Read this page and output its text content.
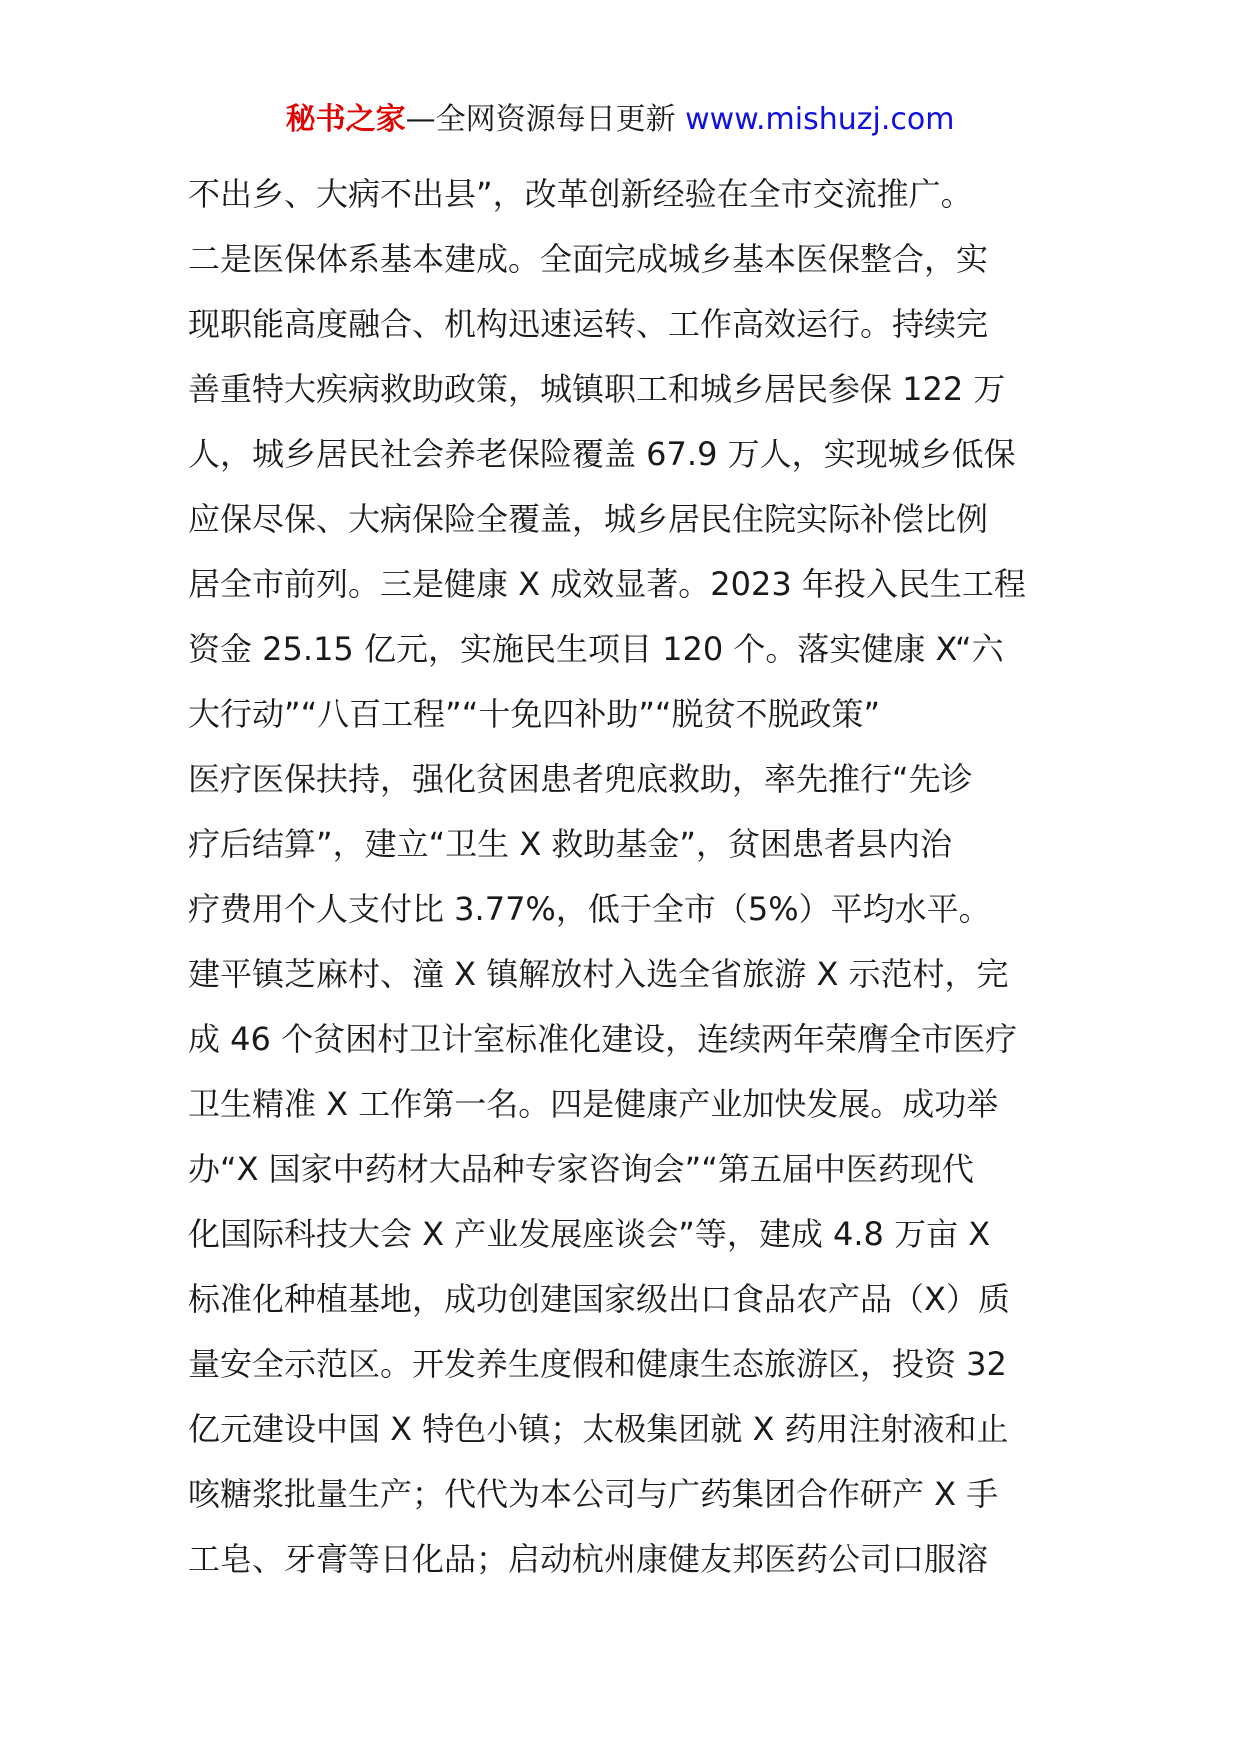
秘书之家—全网资源每日更新 www.mishuzj.com
不出乡、大病不出县”，改革创新经验在全市交流推广。
二是医保体系基本建成。全面完成城乡基本医保整合，实
现职能高度融合、机构迅速运转、工作高效运行。持续完
善重特大疾病救助政策，城镇职工和城乡居民参保 122 万
人，城乡居民社会养老保险覆盖 67.9 万人，实现城乡低保
应保尽保、大病保险全覆盖，城乡居民住院实际补偿比例
居全市前列。三是健康 X 成效显著。2023 年投入民生工程
资金 25.15 亿元，实施民生项目 120 个。落实健康 X“六
大行动”“八百工程”“十免四补助”“脱贫不脱政策”
医疗医保扶持，强化贫困患者兜底救助，率先推行“先诊
疗后结算”，建立“卫生 X 救助基金”，贫困患者县内治
疗费用个人支付比 3.77%，低于全市（5%）平均水平。
建平镇芝麻村、潼 X 镇解放村入选全省旅游 X 示范村，完
成 46 个贫困村卫计室标准化建设，连续两年荣膺全市医疗
卫生精准 X 工作第一名。四是健康产业加快发展。成功举
办“X 国家中药材大品种专家咨询会”“第五届中医药现代
化国际科技大会 X 产业发展座谈会”等，建成 4.8 万亩 X
标准化种植基地，成功创建国家级出口食品农产品（X）质
量安全示范区。开发养生度假和健康生态旅游区，投资 32
亿元建设中国 X 特色小镇；太极集团就 X 药用注射液和止
咳糖浆批量生产；代代为本公司与广药集团合作研产 X 手
工皂、牙膏等日化品；启动杭州康健友邦医药公司口服溶
